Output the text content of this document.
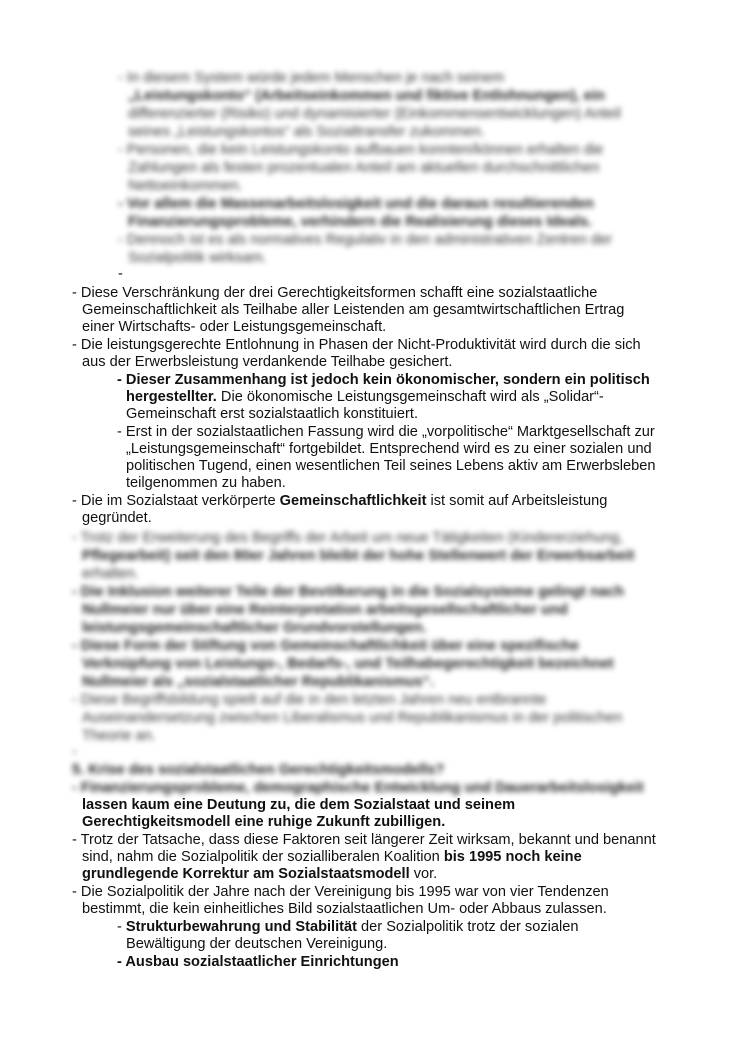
- In diesem System würde jedem Menschen je nach seinem
„Leistungskonto“ (Arbeitseinkommen und fiktive Entlohnungen), ein
differenzierter (Risiko) und dynamisierter (Einkommensentwicklungen) Anteil
seines „Leistungskontos“ als Sozialtransfer zukommen.
- Personen, die kein Leistungskonto aufbauen konnten/können erhalten die
Zahlungen als festen prozentualen Anteil am aktuellen durchschnittlichen
Nettoeinkommen.
- Vor allem die Massenarbeitslosigkeit und die daraus resultierenden
Finanzierungsprobleme, verhindern die Realisierung dieses Ideals.
- Dennoch ist es als normatives Regulativ in den administrativen Zentren der
Sozialpolitik wirksam.
-
- Diese Verschränkung der drei Gerechtigkeitsformen schafft eine sozialstaatliche
Gemeinschaftlichkeit als Teilhabe aller Leistenden am gesamtwirtschaftlichen Ertrag
einer Wirtschafts- oder Leistungsgemeinschaft.
- Die leistungsgerechte Entlohnung in Phasen der Nicht-Produktivität wird durch die sich
aus der Erwerbsleistung verdankende Teilhabe gesichert.
- Dieser Zusammenhang ist jedoch kein ökonomischer, sondern ein politisch
hergestellter. Die ökonomische Leistungsgemeinschaft wird als „Solidar“-
Gemeinschaft erst sozialstaatlich konstituiert.
- Erst in der sozialstaatlichen Fassung wird die „vorpolitische“ Marktgesellschaft zur
„Leistungsgemeinschaft“ fortgebildet. Entsprechend wird es zu einer sozialen und
politischen Tugend, einen wesentlichen Teil seines Lebens aktiv am Erwerbsleben
teilgenommen zu haben.
- Die im Sozialstaat verkörperte Gemeinschaftlichkeit ist somit auf Arbeitsleistung
gegründet.
- Trotz der Erweiterung des Begriffs der Arbeit um neue Tätigkeiten (Kindererziehung,
Pflegearbeit) seit den 80er Jahren bleibt der hohe Stellenwert der Erwerbsarbeit
erhalten.
- Die Inklusion weiterer Teile der Bevölkerung in die Sozialsysteme gelingt nach
Nullmeier nur über eine Reinterpretation arbeitsgesellschaftlicher und
leistungsgemeinschaftlicher Grundvorstellungen.
- Diese Form der Stiftung von Gemeinschaftlichkeit über eine spezifische
Verknüpfung von Leistungs-, Bedarfs-, und Teilhabegerechtigkeit bezeichnet
Nullmeier als „sozialstaatlicher Republikanismus“.
- Diese Begriffsbildung spielt auf die in den letzten Jahren neu entbrannte
Auseinandersetzung zwischen Liberalismus und Republikanismus in der politischen
Theorie an.
-
5. Krise des sozialstaatlichen Gerechtigkeitsmodells?
- Finanzierungsprobleme, demographische Entwicklung und Dauerarbeitslosigkeit
lassen kaum eine Deutung zu, die dem Sozialstaat und seinem
Gerechtigkeitsmodell eine ruhige Zukunft zubilligen.
- Trotz der Tatsache, dass diese Faktoren seit längerer Zeit wirksam, bekannt und benannt
sind, nahm die Sozialpolitik der sozialliberalen Koalition bis 1995 noch keine
grundlegende Korrektur am Sozialstaatsmodell vor.
- Die Sozialpolitik der Jahre nach der Vereinigung bis 1995 war von vier Tendenzen
bestimmt, die kein einheitliches Bild sozialstaatlichen Um- oder Abbaus zulassen.
- Strukturbewahrung und Stabilität der Sozialpolitik trotz der sozialen
Bewältigung der deutschen Vereinigung.
- Ausbau sozialstaatlicher Einrichtungen
